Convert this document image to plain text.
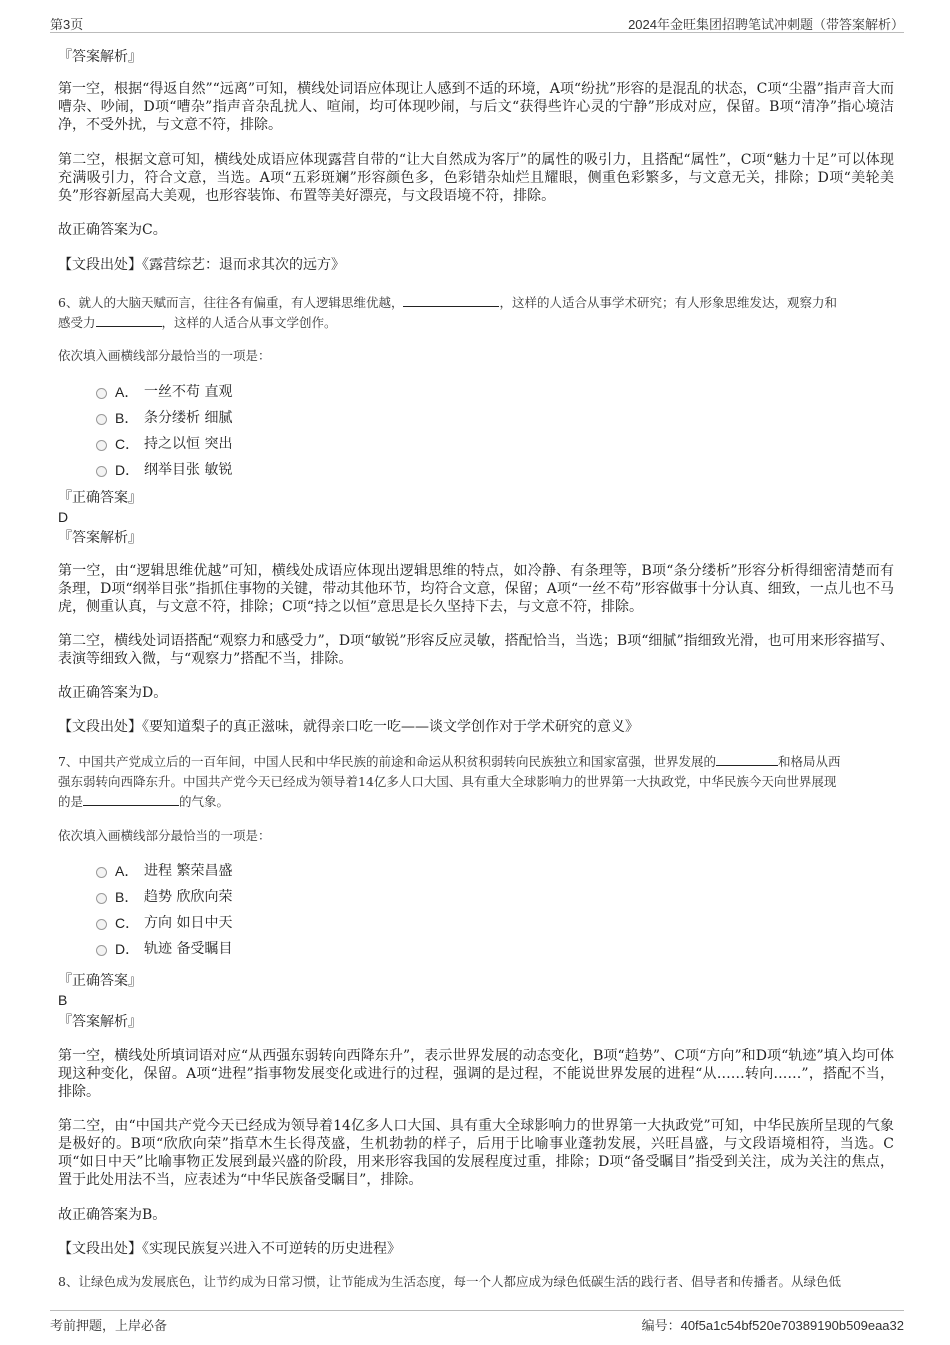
第3页	2024年金旺集团招聘笔试冲刺题（带答案解析）
『答案解析』
第一空，根据“得返自然”“远离”可知，横线处词语应体现让人感到不适的环境，A项“纷扰”形容的是混乱的状态，C项“尘嚣”指声音大而嘈杂、吵闹，D项“嘈杂”指声音杂乱扰人、喧闹，均可体现吵闹，与后文“获得些许心灵的宁静”形成对应，保留。B项“清净”指心境洁净，不受外扰，与文意不符，排除。
第二空，根据文意可知，横线处成语应体现露营自带的“让大自然成为客厅”的属性的吸引力，且搭配“属性”，C项“魅力十足”可以体现充满吸引力，符合文意，当选。A项“五彩斑斓”形容颜色多，色彩错杂灿烂且耀眼，侧重色彩繁多，与文意无关，排除；D项“美轮美奂”形容新屋高大美观，也形容装饰、布置等美好漂亮，与文段语境不符，排除。
故正确答案为C。
【文段出处】《露营综艺：退而求其次的远方》
6、就人的大脑天赋而言，往往各有偏重，有人逻辑思维优越，	，这样的人适合从事学术研究；有人形象思维发达，观察力和
感受力	，这样的人适合从事文学创作。
依次填入画横线部分最恰当的一项是：
A． 一丝不苟 直观
B． 条分缕析 细腻
C． 持之以恒 突出
D． 纲举目张 敏锐
『正确答案』
D
『答案解析』
第一空，由“逻辑思维优越”可知，横线处成语应体现出逻辑思维的特点，如冷静、有条理等，B项“条分缕析”形容分析得细密清楚而有条理，D项“纲举目张”指抓住事物的关键，带动其他环节，均符合文意，保留；A项“一丝不苟”形容做事十分认真、细致，一点儿也不马虎，侧重认真，与文意不符，排除；C项“持之以恒”意思是长久坚持下去，与文意不符，排除。
第二空，横线处词语搭配“观察力和感受力”，D项“敏锐”形容反应灵敏，搭配恰当，当选；B项“细腻”指细致光滑，也可用来形容描写、表演等细致入微，与“观察力”搭配不当，排除。
故正确答案为D。
【文段出处】《要知道梨子的真正滋味，就得亲口吃一吃——谈文学创作对于学术研究的意义》
7、中国共产党成立后的一百年间，中国人民和中华民族的前途和命运从积贫积弱转向民族独立和国家富强，世界发展的	和格局从西
强东弱转向西降东升。中国共产党今天已经成为领导着14亿多人口大国、具有重大全球影响力的世界第一大执政党，中华民族今天向世界展现
的是	的气象。
依次填入画横线部分最恰当的一项是：
A． 进程 繁荣昌盛
B． 趋势 欣欣向荣
C． 方向 如日中天
D． 轨迹 备受瞩目
『正确答案』
B
『答案解析』
第一空，横线处所填词语对应“从西强东弱转向西降东升”，表示世界发展的动态变化，B项“趋势”、C项“方向”和D项“轨迹”填入均可体现这种变化，保留。A项“进程”指事物发展变化或进行的过程，强调的是过程，不能说世界发展的进程“从……转向……”，搭配不当，排除。
第二空，由“中国共产党今天已经成为领导着14亿多人口大国、具有重大全球影响力的世界第一大执政党”可知，中华民族所呈现的气象是极好的。B项“欣欣向荣”指草木生长得茂盛，生机勃勃的样子，后用于比喻事业蓬勃发展，兴旺昌盛，与文段语境相符，当选。C项“如日中天”比喻事物正发展到最兴盛的阶段，用来形容我国的发展程度过重，排除；D项“备受瞩目”指受到关注，成为关注的焦点，置于此处用法不当，应表述为“中华民族备受瞩目”，排除。
故正确答案为B。
【文段出处】《实现民族复兴进入不可逆转的历史进程》
8、让绿色成为发展底色，让节约成为日常习惯，让节能成为生活态度，每一个人都应成为绿色低碳生活的践行者、倡导者和传播者。从绿色低
考前押题，上岸必备	编号：40f5a1c54bf520e70389190b509eaa32
